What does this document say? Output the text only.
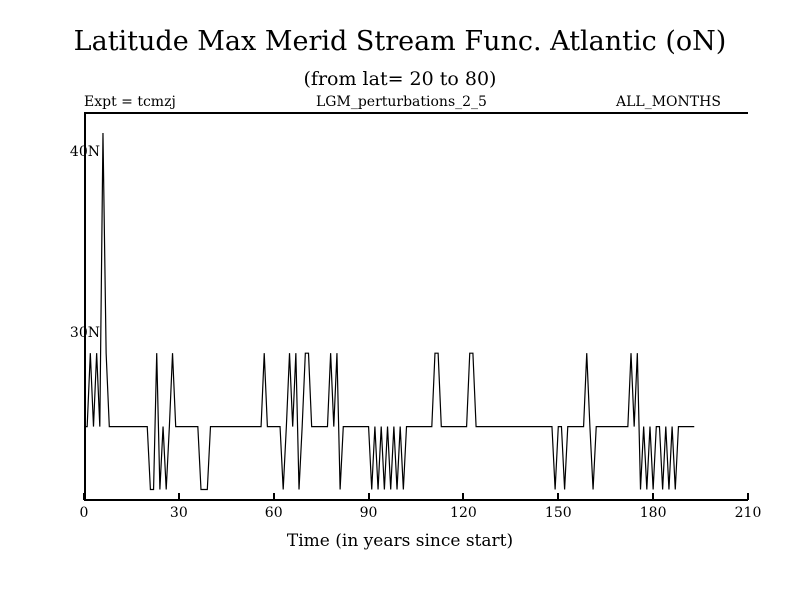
Latitude Max Merid Stream Func. Atlantic (oN)
(from lat= 20 to 80)
Expt = tcmzj	LGM_perturbations_2_5	ALL_MONTHS
40N
30N
0	30	60	90	120	150	180	210
Time (in years since start)
